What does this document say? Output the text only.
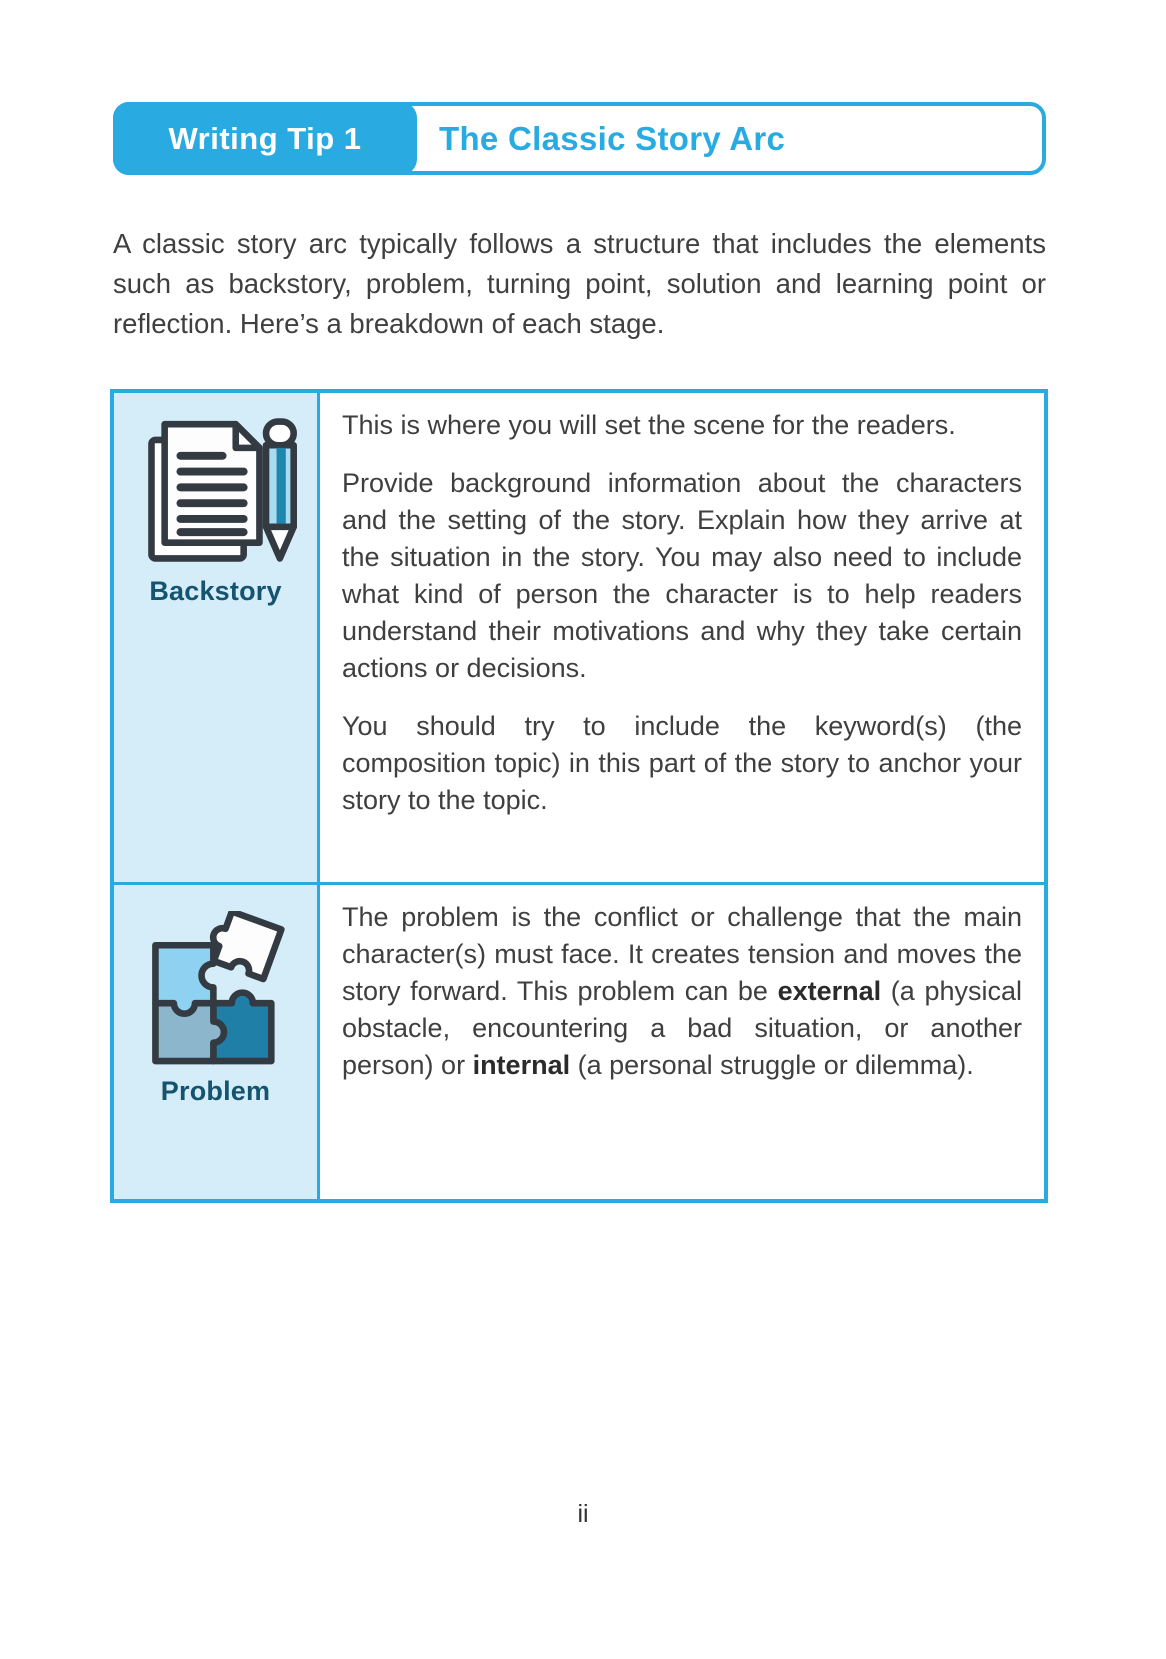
Writing Tip 1 The Classic Story Arc

A classic story arc typically follows a structure that includes the elements such as backstory, problem, turning point, solution and learning point or reflection. Here’s a breakdown of each stage.

Backstory

This is where you will set the scene for the readers.

Provide background information about the characters and the setting of the story. Explain how they arrive at the situation in the story. You may also need to include what kind of person the character is to help readers understand their motivations and why they take certain actions or decisions.

You should try to include the keyword(s) (the composition topic) in this part of the story to anchor your story to the topic.

Problem

The problem is the conflict or challenge that the main character(s) must face. It creates tension and moves the story forward. This problem can be external (a physical obstacle, encountering a bad situation, or another person) or internal (a personal struggle or dilemma).

ii
